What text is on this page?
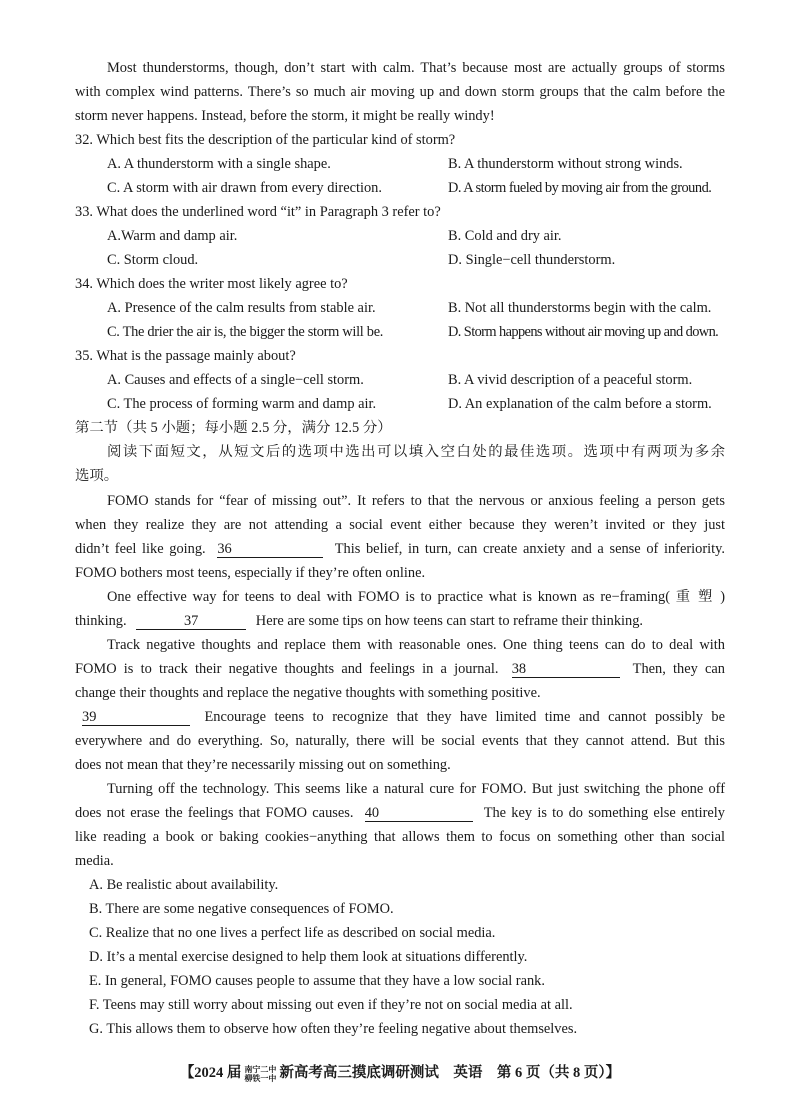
Most thunderstorms, though, don’t start with calm. That’s because most are actually groups of storms
with complex wind patterns. There’s so much air moving up and down storm groups that the calm before the
storm never happens. Instead, before the storm, it might be really windy!
32. Which best fits the description of the particular kind of storm?
A. A thunderstorm with a single shape.	B. A thunderstorm without strong winds.
C. A storm with air drawn from every direction.	D. A storm fueled by moving air from the ground.
33. What does the underlined word “it” in Paragraph 3 refer to?
A.Warm and damp air.	B. Cold and dry air.
C. Storm cloud.	D. Single−cell thunderstorm.
34. Which does the writer most likely agree to?
A. Presence of the calm results from stable air.	B. Not all thunderstorms begin with the calm.
C. The drier the air is, the bigger the storm will be.	D. Storm happens without air moving up and down.
35. What is the passage mainly about?
A. Causes and effects of a single−cell storm.	B. A vivid description of a peaceful storm.
C. The process of forming warm and damp air.	D. An explanation of the calm before a storm.
第二节（共 5 小题；每小题 2.5 分，满分 12.5 分）
阅读下面短文，从短文后的选项中选出可以填入空白处的最佳选项。选项中有两项为多余
选项。
FOMO stands for “fear of missing out”. It refers to that the nervous or anxious feeling a person gets
when they realize they are not attending a social event either because they weren’t invited or they just
didn’t feel like going. 36	This belief, in turn, can create anxiety and a sense of inferiority.
FOMO bothers most teens, especially if they’re often online.
One effective way for teens to deal with FOMO is to practice what is known as re−framing( 重 塑 )
thinking.	37	Here are some tips on how teens can start to reframe their thinking.
Track negative thoughts and replace them with reasonable ones. One thing teens can do to deal with
FOMO is to track their negative thoughts and feelings in a journal. 38	Then, they can
change their thoughts and replace the negative thoughts with something positive.
39	Encourage teens to recognize that they have limited time and cannot possibly be
everywhere and do everything. So, naturally, there will be social events that they cannot attend. But this
does not mean that they’re necessarily missing out on something.
Turning off the technology. This seems like a natural cure for FOMO. But just switching the phone off
does not erase the feelings that FOMO causes. 40	The key is to do something else entirely
like reading a book or baking cookies−anything that allows them to focus on something other than social
media.
A. Be realistic about availability.
B. There are some negative consequences of FOMO.
C. Realize that no one lives a perfect life as described on social media.
D. It’s a mental exercise designed to help them look at situations differently.
E. In general, FOMO causes people to assume that they have a low social rank.
F. Teens may still worry about missing out even if they’re not on social media at all.
G. This allows them to observe how often they’re feeling negative about themselves.
【2024 届 南宁二中
柳铁一中 新高考高三摸底调研测试　英语　第 6 页（共 8 页）】
